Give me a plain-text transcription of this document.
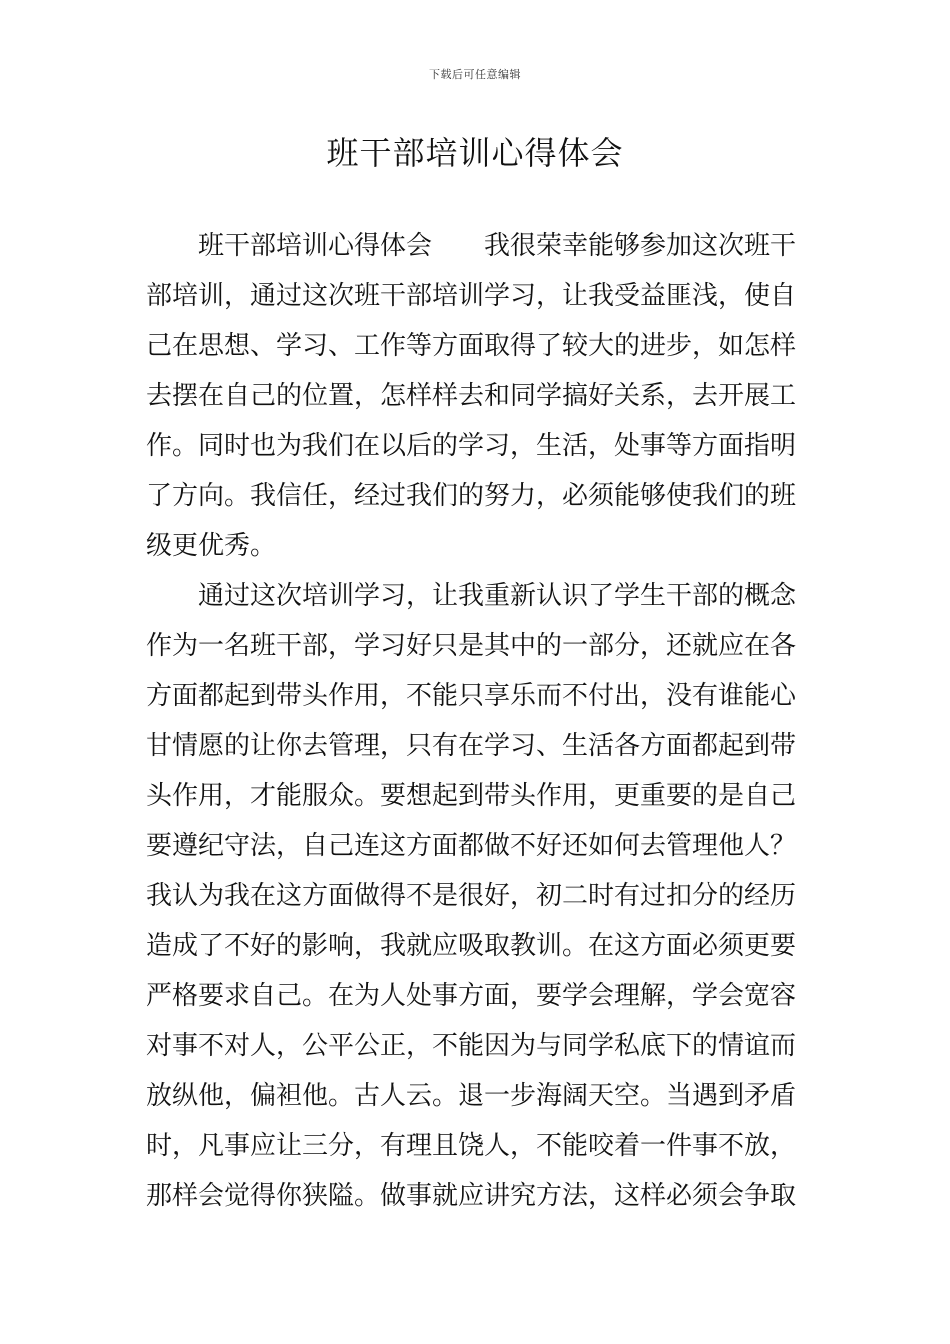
下载后可任意编辑
班干部培训心得体会
班干部培训心得体会　　我很荣幸能够参加这次班干
部培训，通过这次班干部培训学习，让我受益匪浅，使自
己在思想、学习、工作等方面取得了较大的进步，如怎样
去摆在自己的位置，怎样样去和同学搞好关系，去开展工
作。同时也为我们在以后的学习，生活，处事等方面指明
了方向。我信任，经过我们的努力，必须能够使我们的班
级更优秀。
通过这次培训学习，让我重新认识了学生干部的概念
作为一名班干部，学习好只是其中的一部分，还就应在各
方面都起到带头作用，不能只享乐而不付出，没有谁能心
甘情愿的让你去管理，只有在学习、生活各方面都起到带
头作用，才能服众。要想起到带头作用，更重要的是自己
要遵纪守法，自己连这方面都做不好还如何去管理他人？
我认为我在这方面做得不是很好，初二时有过扣分的经历
造成了不好的影响，我就应吸取教训。在这方面必须更要
严格要求自己。在为人处事方面，要学会理解，学会宽容
对事不对人，公平公正，不能因为与同学私底下的情谊而
放纵他，偏袒他。古人云。退一步海阔天空。当遇到矛盾
时，凡事应让三分，有理且饶人，不能咬着一件事不放，
那样会觉得你狭隘。做事就应讲究方法，这样必须会争取
